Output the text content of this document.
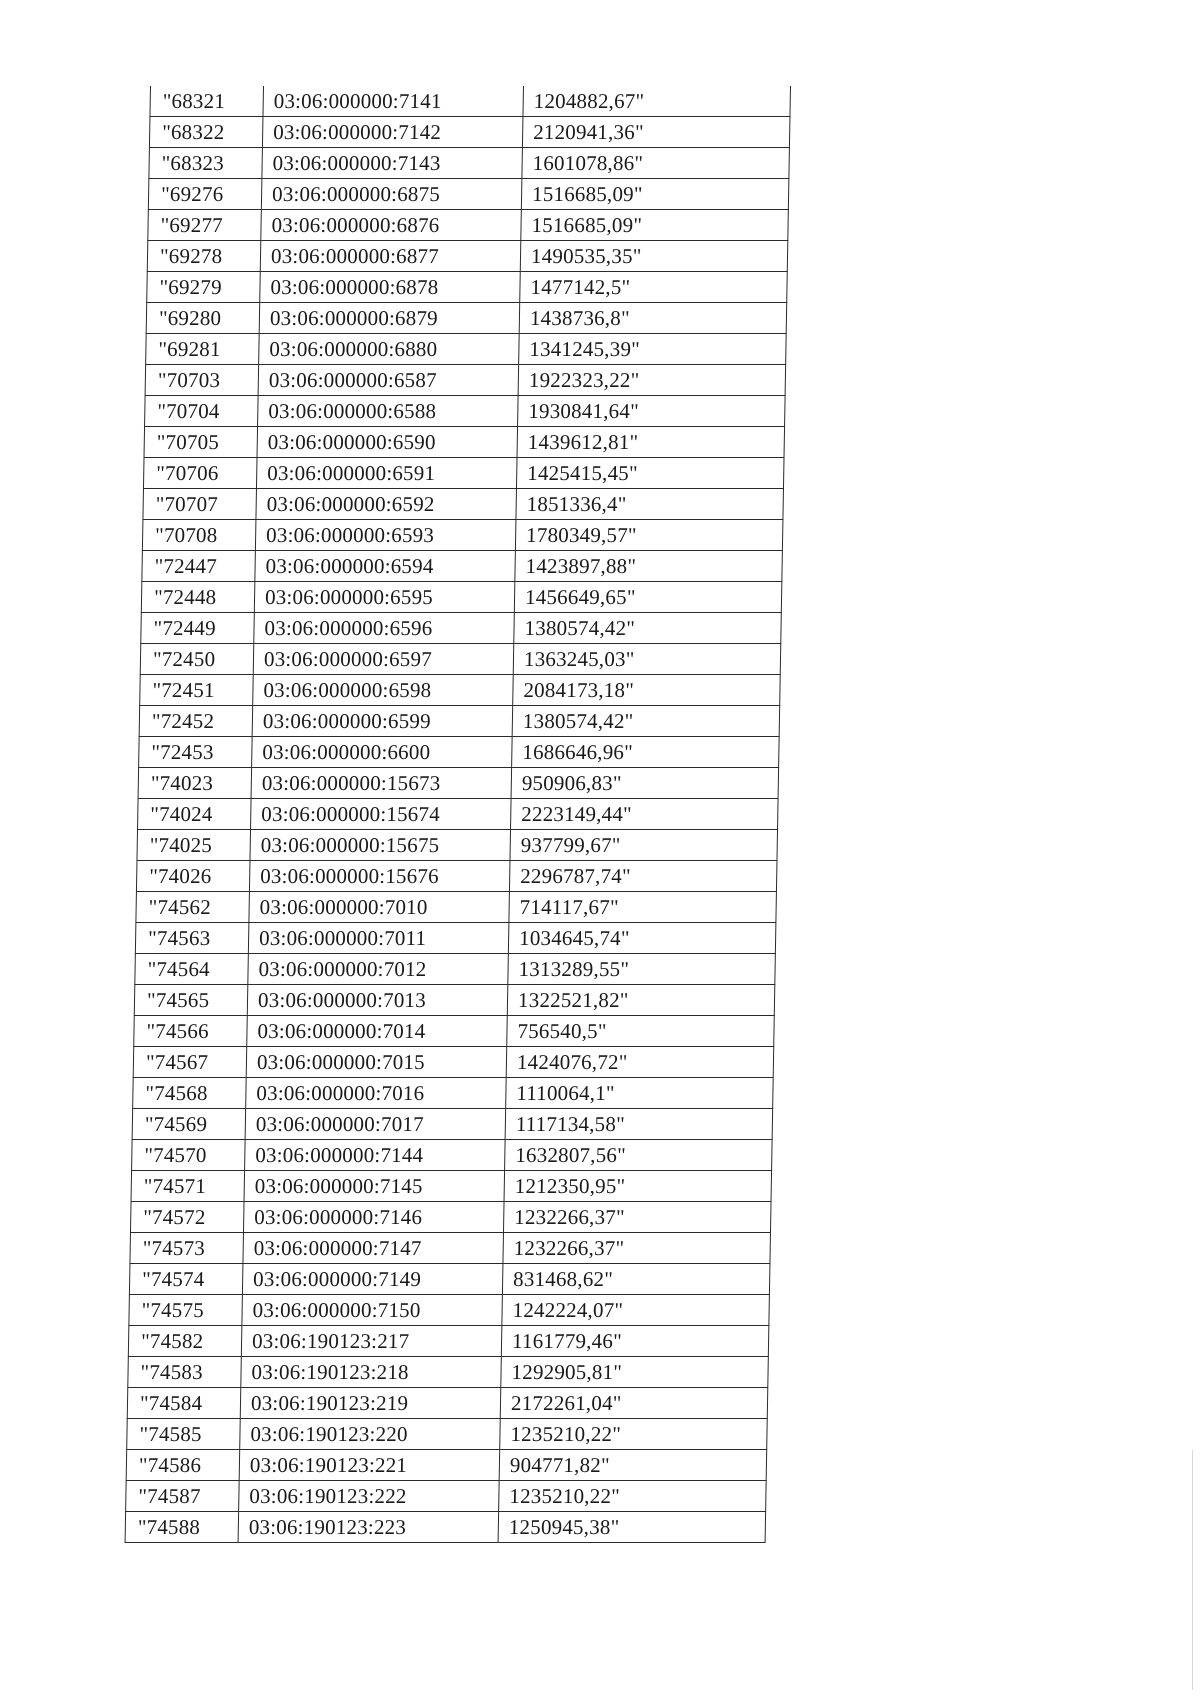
"68321	03:06:000000:7141	1204882,67"
"68322	03:06:000000:7142	2120941,36"
"68323	03:06:000000:7143	1601078,86"
"69276	03:06:000000:6875	1516685,09"
"69277	03:06:000000:6876	1516685,09"
"69278	03:06:000000:6877	1490535,35"
"69279	03:06:000000:6878	1477142,5"
"69280	03:06:000000:6879	1438736,8"
"69281	03:06:000000:6880	1341245,39"
"70703	03:06:000000:6587	1922323,22"
"70704	03:06:000000:6588	1930841,64"
"70705	03:06:000000:6590	1439612,81"
"70706	03:06:000000:6591	1425415,45"
"70707	03:06:000000:6592	1851336,4"
"70708	03:06:000000:6593	1780349,57"
"72447	03:06:000000:6594	1423897,88"
"72448	03:06:000000:6595	1456649,65"
"72449	03:06:000000:6596	1380574,42"
"72450	03:06:000000:6597	1363245,03"
"72451	03:06:000000:6598	2084173,18"
"72452	03:06:000000:6599	1380574,42"
"72453	03:06:000000:6600	1686646,96"
"74023	03:06:000000:15673	950906,83"
"74024	03:06:000000:15674	2223149,44"
"74025	03:06:000000:15675	937799,67"
"74026	03:06:000000:15676	2296787,74"
"74562	03:06:000000:7010	714117,67"
"74563	03:06:000000:7011	1034645,74"
"74564	03:06:000000:7012	1313289,55"
"74565	03:06:000000:7013	1322521,82"
"74566	03:06:000000:7014	756540,5"
"74567	03:06:000000:7015	1424076,72"
"74568	03:06:000000:7016	1110064,1"
"74569	03:06:000000:7017	1117134,58"
"74570	03:06:000000:7144	1632807,56"
"74571	03:06:000000:7145	1212350,95"
"74572	03:06:000000:7146	1232266,37"
"74573	03:06:000000:7147	1232266,37"
"74574	03:06:000000:7149	831468,62"
"74575	03:06:000000:7150	1242224,07"
"74582	03:06:190123:217	1161779,46"
"74583	03:06:190123:218	1292905,81"
"74584	03:06:190123:219	2172261,04"
"74585	03:06:190123:220	1235210,22"
"74586	03:06:190123:221	904771,82"
"74587	03:06:190123:222	1235210,22"
"74588	03:06:190123:223	1250945,38"
